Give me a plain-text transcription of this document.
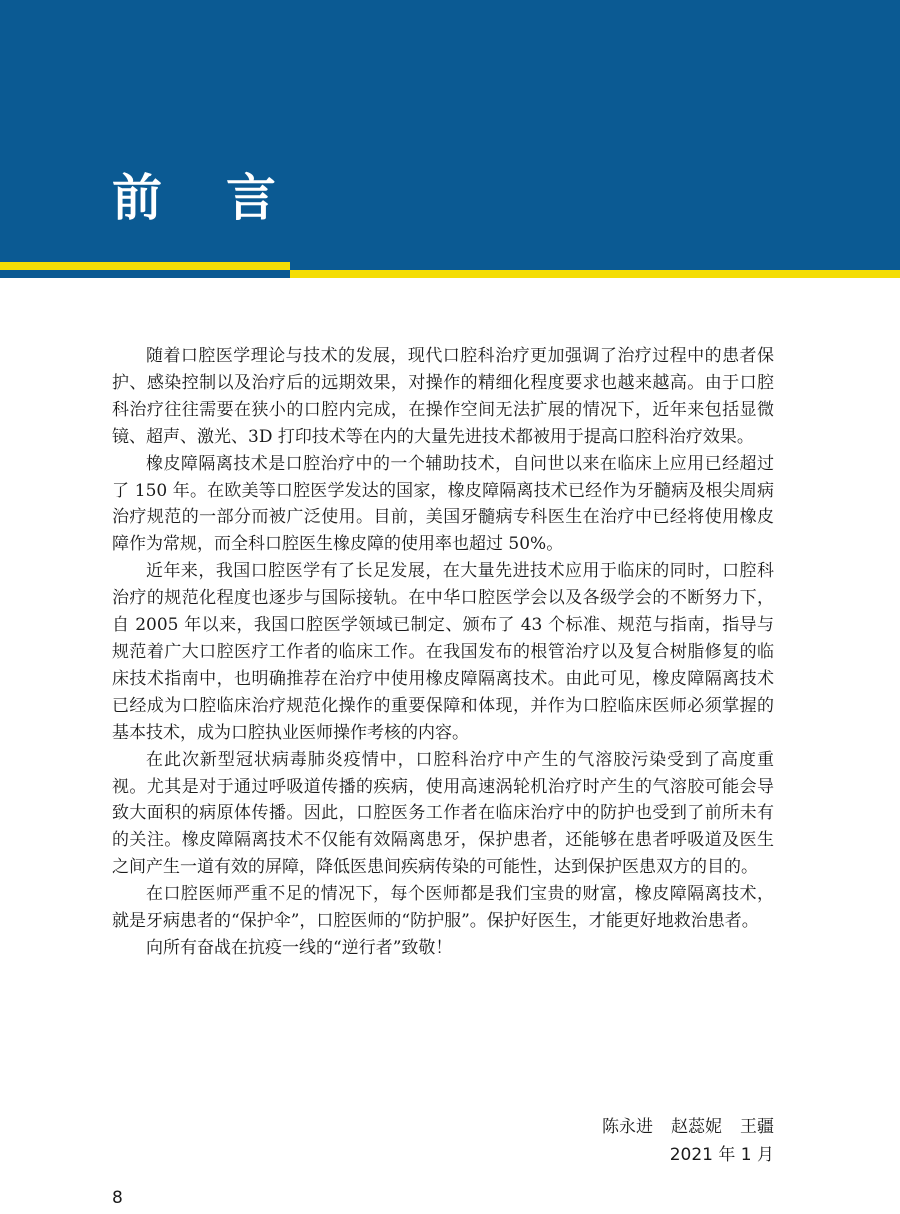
前言

随着口腔医学理论与技术的发展，现代口腔科治疗更加强调了治疗过程中的患者保护、感染控制以及治疗后的远期效果，对操作的精细化程度要求也越来越高。由于口腔科治疗往往需要在狭小的口腔内完成，在操作空间无法扩展的情况下，近年来包括显微镜、超声、激光、3D 打印技术等在内的大量先进技术都被用于提高口腔科治疗效果。

橡皮障隔离技术是口腔治疗中的一个辅助技术，自问世以来在临床上应用已经超过了 150 年。在欧美等口腔医学发达的国家，橡皮障隔离技术已经作为牙髓病及根尖周病治疗规范的一部分而被广泛使用。目前，美国牙髓病专科医生在治疗中已经将使用橡皮障作为常规，而全科口腔医生橡皮障的使用率也超过 50%。

近年来，我国口腔医学有了长足发展，在大量先进技术应用于临床的同时，口腔科治疗的规范化程度也逐步与国际接轨。在中华口腔医学会以及各级学会的不断努力下，自 2005 年以来，我国口腔医学领域已制定、颁布了 43 个标准、规范与指南，指导与规范着广大口腔医疗工作者的临床工作。在我国发布的根管治疗以及复合树脂修复的临床技术指南中，也明确推荐在治疗中使用橡皮障隔离技术。由此可见，橡皮障隔离技术已经成为口腔临床治疗规范化操作的重要保障和体现，并作为口腔临床医师必须掌握的基本技术，成为口腔执业医师操作考核的内容。

在此次新型冠状病毒肺炎疫情中，口腔科治疗中产生的气溶胶污染受到了高度重视。尤其是对于通过呼吸道传播的疾病，使用高速涡轮机治疗时产生的气溶胶可能会导致大面积的病原体传播。因此，口腔医务工作者在临床治疗中的防护也受到了前所未有的关注。橡皮障隔离技术不仅能有效隔离患牙，保护患者，还能够在患者呼吸道及医生之间产生一道有效的屏障，降低医患间疾病传染的可能性，达到保护医患双方的目的。

在口腔医师严重不足的情况下，每个医师都是我们宝贵的财富，橡皮障隔离技术，就是牙病患者的“保护伞”，口腔医师的“防护服”。保护好医生，才能更好地救治患者。

向所有奋战在抗疫一线的“逆行者”致敬！

陈永进 赵蕊妮 王疆
2021 年 1 月
8
